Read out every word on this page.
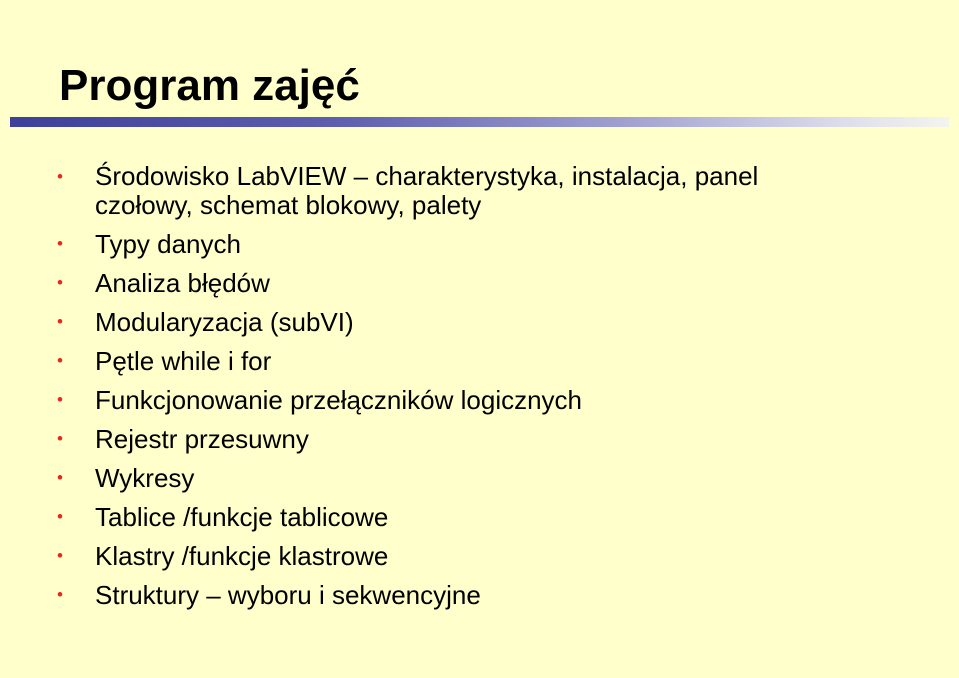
Program zajęć
• Środowisko LabVIEW – charakterystyka, instalacja, panel czołowy, schemat blokowy, palety
• Typy danych
• Analiza błędów
• Modularyzacja (subVI)
• Pętle while i for
• Funkcjonowanie przełączników logicznych
• Rejestr przesuwny
• Wykresy
• Tablice /funkcje tablicowe
• Klastry /funkcje klastrowe
• Struktury – wyboru i sekwencyjne
